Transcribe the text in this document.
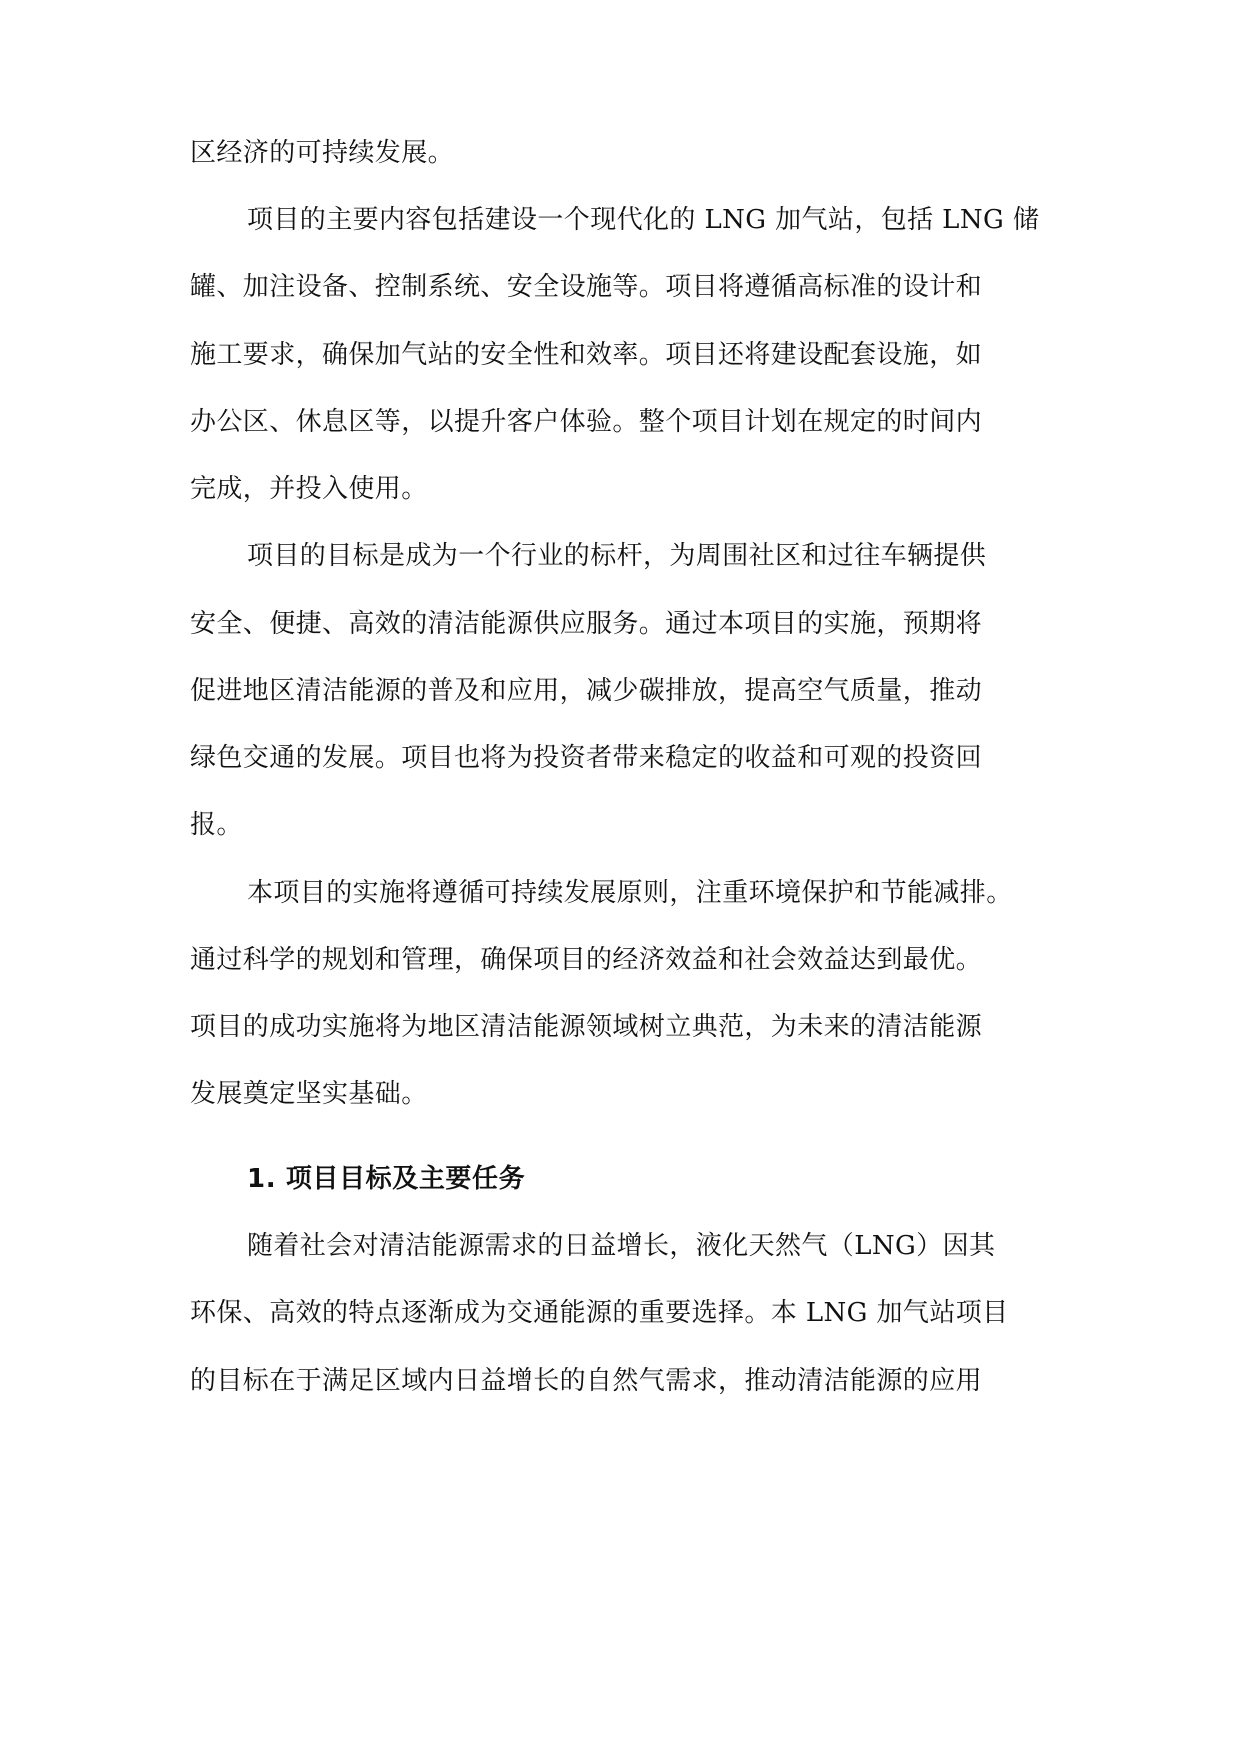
区经济的可持续发展。
项目的主要内容包括建设一个现代化的 LNG 加气站，包括 LNG 储
罐、加注设备、控制系统、安全设施等。项目将遵循高标准的设计和
施工要求，确保加气站的安全性和效率。项目还将建设配套设施，如
办公区、休息区等，以提升客户体验。整个项目计划在规定的时间内
完成，并投入使用。
项目的目标是成为一个行业的标杆，为周围社区和过往车辆提供
安全、便捷、高效的清洁能源供应服务。通过本项目的实施，预期将
促进地区清洁能源的普及和应用，减少碳排放，提高空气质量，推动
绿色交通的发展。项目也将为投资者带来稳定的收益和可观的投资回
报。
本项目的实施将遵循可持续发展原则，注重环境保护和节能减排。
通过科学的规划和管理，确保项目的经济效益和社会效益达到最优。
项目的成功实施将为地区清洁能源领域树立典范，为未来的清洁能源
发展奠定坚实基础。
1. 项目目标及主要任务
随着社会对清洁能源需求的日益增长，液化天然气（LNG）因其
环保、高效的特点逐渐成为交通能源的重要选择。本 LNG 加气站项目
的目标在于满足区域内日益增长的自然气需求，推动清洁能源的应用
